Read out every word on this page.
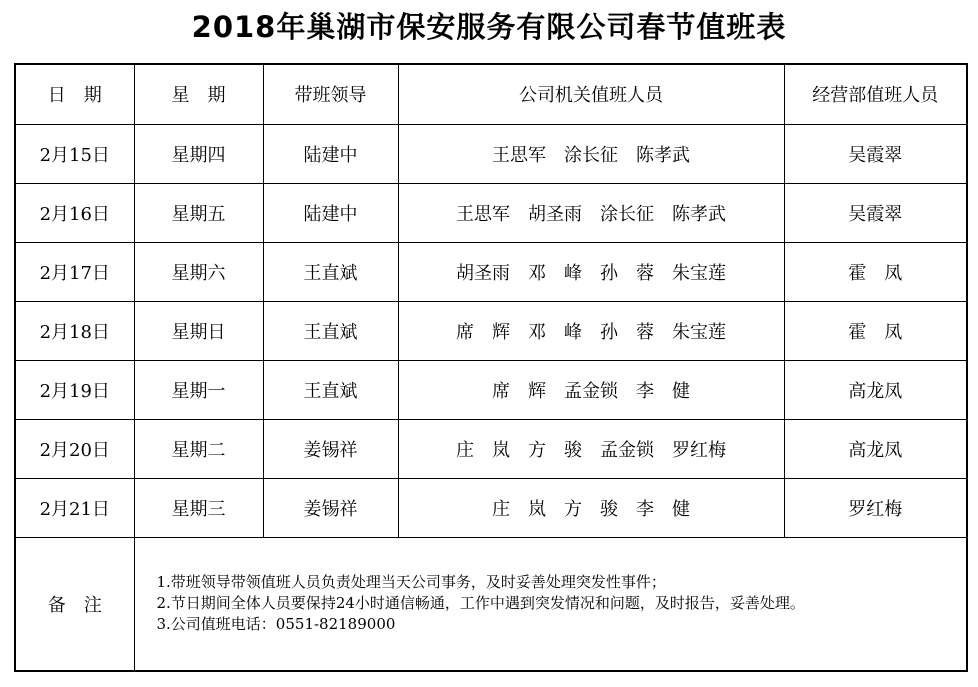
2018年巢湖市保安服务有限公司春节值班表
日　期	星　期	带班领导	公司机关值班人员	经营部值班人员
2月15日	星期四	陆建中	王思军　涂长征　陈孝武	吴霞翠
2月16日	星期五	陆建中	王思军　胡圣雨　涂长征　陈孝武	吴霞翠
2月17日	星期六	王直斌	胡圣雨　邓　峰　孙　蓉　朱宝莲	霍　凤
2月18日	星期日	王直斌	席　辉　邓　峰　孙　蓉　朱宝莲	霍　凤
2月19日	星期一	王直斌	席　辉　孟金锁　李　健	高龙凤
2月20日	星期二	姜锡祥	庄　岚　方　骏　孟金锁　罗红梅	高龙凤
2月21日	星期三	姜锡祥	庄　岚　方　骏　李　健	罗红梅
备　注	1.带班领导带领值班人员负责处理当天公司事务，及时妥善处理突发性事件；
2.节日期间全体人员要保持24小时通信畅通，工作中遇到突发情况和问题，及时报告，妥善处理。
3.公司值班电话：0551-82189000			
